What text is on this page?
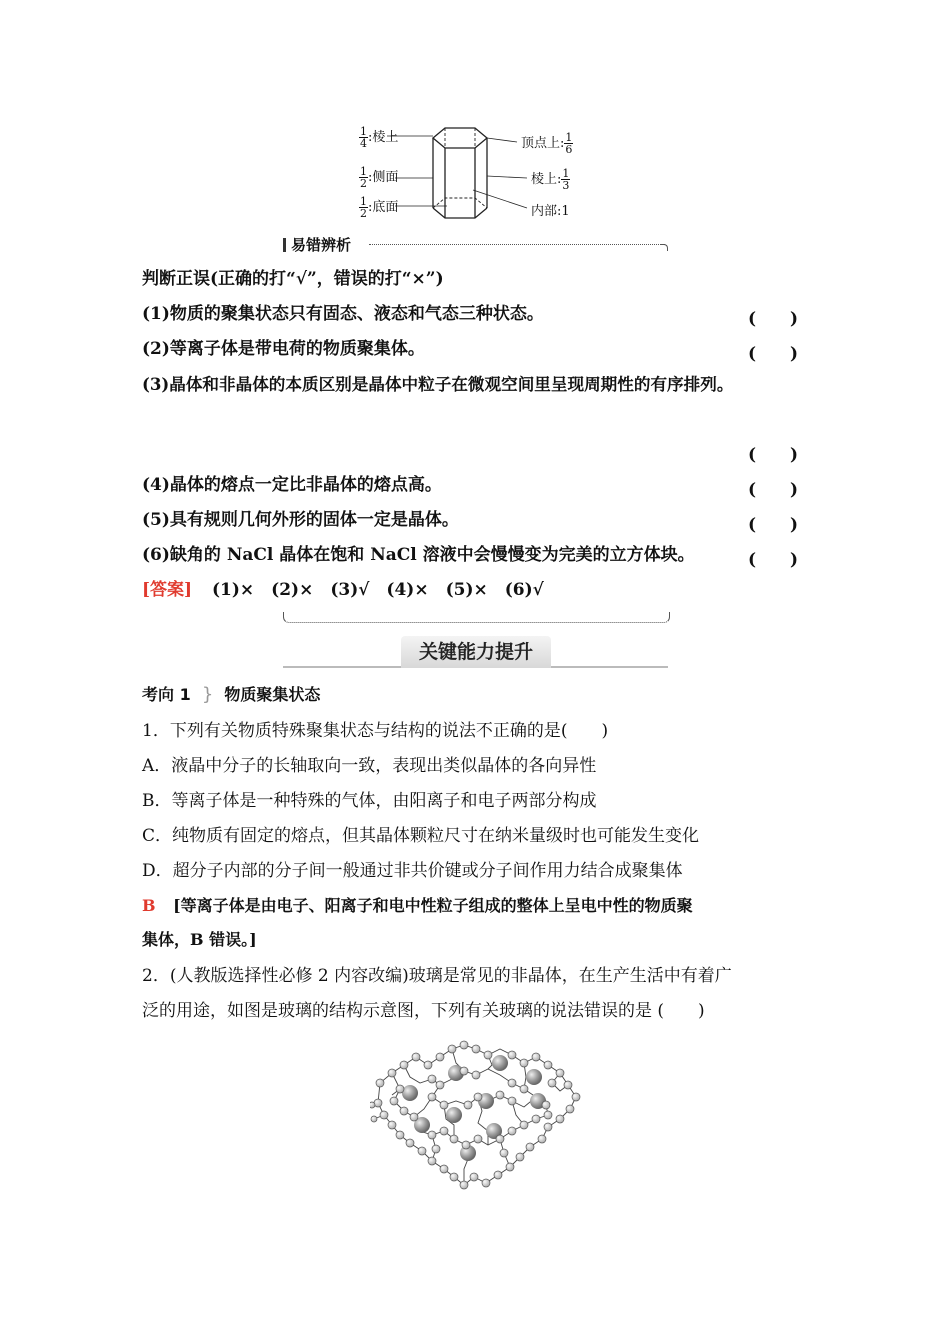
$\frac{1}{4}$ :棱上
$\frac{1}{2}$ :侧面
$\frac{1}{2}$ :底面
顶点上: $\frac{1}{6}$
棱上: $\frac{1}{3}$
内部:1
易错辨析
判断正误(正确的打“√”，错误的打“×”)
(1)物质的聚集状态只有固态、液态和气态三种状态。	(　　)
(2)等离子体是带电荷的物质聚集体。	(　　)
(3)晶体和非晶体的本质区别是晶体中粒子在微观空间里呈现周期性的有序排列。
(　　)
(4)晶体的熔点一定比非晶体的熔点高。	(　　)
(5)具有规则几何外形的固体一定是晶体。	(　　)
(6)缺角的 NaCl 晶体在饱和 NaCl 溶液中会慢慢变为完美的立方体块。	(　　)
[答案] (1)×　(2)×　(3)√　(4)×　(5)×　(6)√
关键能力提升
考向 1 } 物质聚集状态
1．下列有关物质特殊聚集状态与结构的说法不正确的是(　　)
A．液晶中分子的长轴取向一致，表现出类似晶体的各向异性
B．等离子体是一种特殊的气体，由阳离子和电子两部分构成
C．纯物质有固定的熔点，但其晶体颗粒尺寸在纳米量级时也可能发生变化
D．超分子内部的分子间一般通过非共价键或分子间作用力结合成聚集体
B [等离子体是由电子、阳离子和电中性粒子组成的整体上呈电中性的物质聚
集体，B 错误。]
2．(人教版选择性必修 2 内容改编)玻璃是常见的非晶体，在生产生活中有着广
泛的用途，如图是玻璃的结构示意图，下列有关玻璃的说法错误的是 (　　)
